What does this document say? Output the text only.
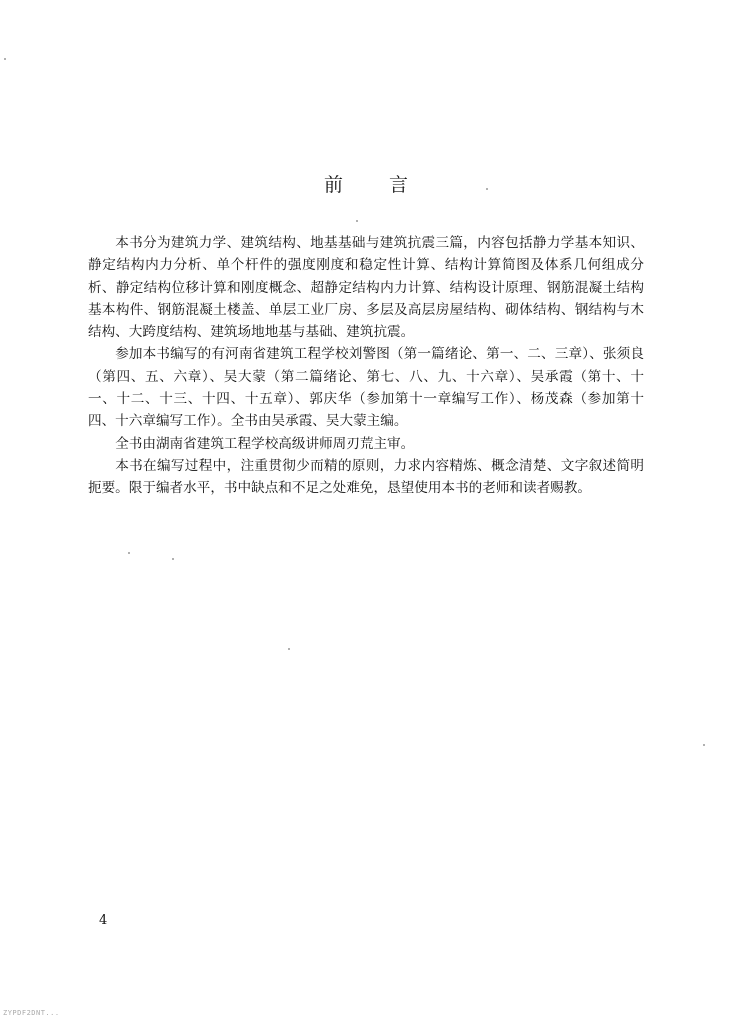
前 言

本书分为建筑力学、建筑结构、地基基础与建筑抗震三篇，内容包括静力学基本知识、静定结构内力分析、单个杆件的强度刚度和稳定性计算、结构计算简图及体系几何组成分析、静定结构位移计算和刚度概念、超静定结构内力计算、结构设计原理、钢筋混凝土结构基本构件、钢筋混凝土楼盖、单层工业厂房、多层及高层房屋结构、砌体结构、钢结构与木结构、大跨度结构、建筑场地地基与基础、建筑抗震。

参加本书编写的有河南省建筑工程学校刘警图（第一篇绪论、第一、二、三章）、张须良（第四、五、六章）、吴大蒙（第二篇绪论、第七、八、九、十六章）、吴承霞（第十、十一、十二、十三、十四、十五章）、郭庆华（参加第十一章编写工作）、杨茂森（参加第十四、十六章编写工作）。全书由吴承霞、吴大蒙主编。

全书由湖南省建筑工程学校高级讲师周刃荒主审。

本书在编写过程中，注重贯彻少而精的原则，力求内容精炼、概念清楚、文字叙述简明扼要。限于编者水平，书中缺点和不足之处难免，恳望使用本书的老师和读者赐教。

4
ZYPDF2DNT...
